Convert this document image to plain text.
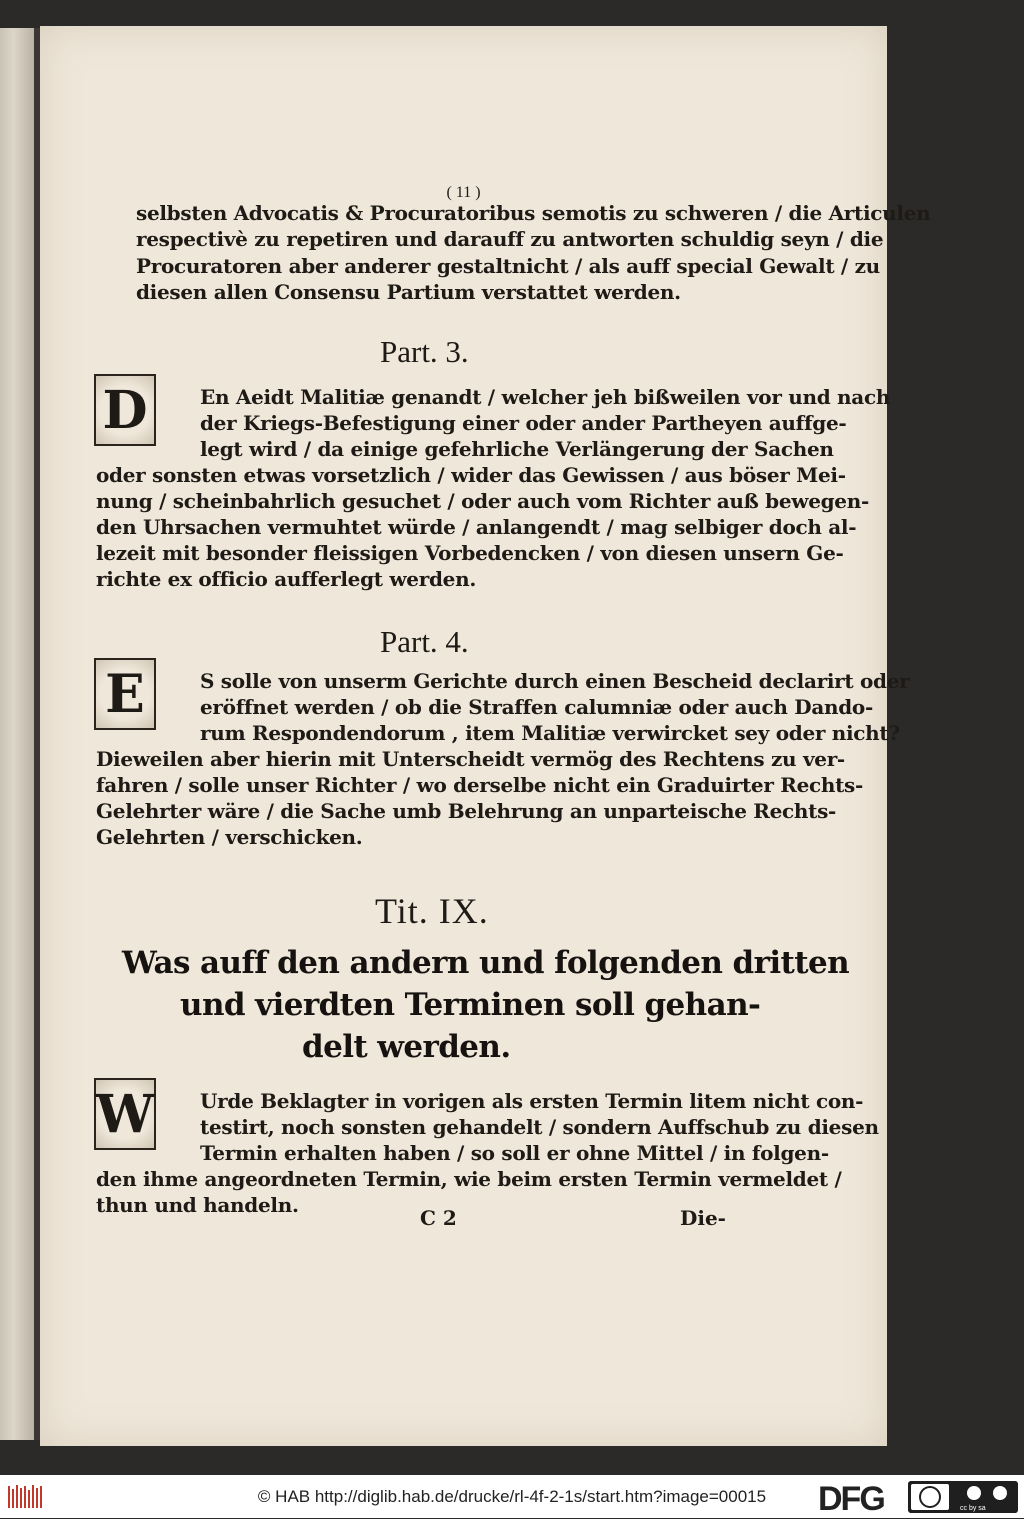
( 11 )
selbsten Advocatis & Procuratoribus semotis zu schweren / die Articulen
respectivè zu repetiren und darauff zu antworten schuldig seyn / die
Procuratoren aber anderer gestaltnicht / als auff special Gewalt / zu
diesen allen Consensu Partium verstattet werden.
Part. 3.
D	En Aeidt Malitiæ genandt / welcher jeh bißweilen vor und nach
der Kriegs-Befestigung einer oder ander Partheyen auffge-
legt wird / da einige gefehrliche Verlängerung der Sachen
oder sonsten etwas vorsetzlich / wider das Gewissen / aus böser Mei-
nung / scheinbahrlich gesuchet / oder auch vom Richter auß bewegen-
den Uhrsachen vermuhtet würde / anlangendt / mag selbiger doch al-
lezeit mit besonder fleissigen Vorbedencken / von diesen unsern Ge-
richte ex officio aufferlegt werden.
Part. 4.
E	S solle von unserm Gerichte durch einen Bescheid declarirt oder
eröffnet werden / ob die Straffen calumniæ oder auch Dando-
rum Respondendorum , item Malitiæ verwircket sey oder nicht?
Dieweilen aber hierin mit Unterscheidt vermög des Rechtens zu ver-
fahren / solle unser Richter / wo derselbe nicht ein Graduirter Rechts-
Gelehrter wäre / die Sache umb Belehrung an unparteische Rechts-
Gelehrten / verschicken.
Tit. IX.
Was auff den andern und folgenden dritten
und vierdten Terminen soll gehan-
delt werden.
W Urde Beklagter in vorigen als ersten Termin litem nicht con-
testirt, noch sonsten gehandelt / sondern Auffschub zu diesen
Termin erhalten haben / so soll er ohne Mittel / in folgen-
den ihme angeordneten Termin, wie beim ersten Termin vermeldet /
thun und handeln.
C 2	Die-
© HAB http://diglib.hab.de/drucke/rl-4f-2-1s/start.htm?image=00015	DFG	cc by sa
